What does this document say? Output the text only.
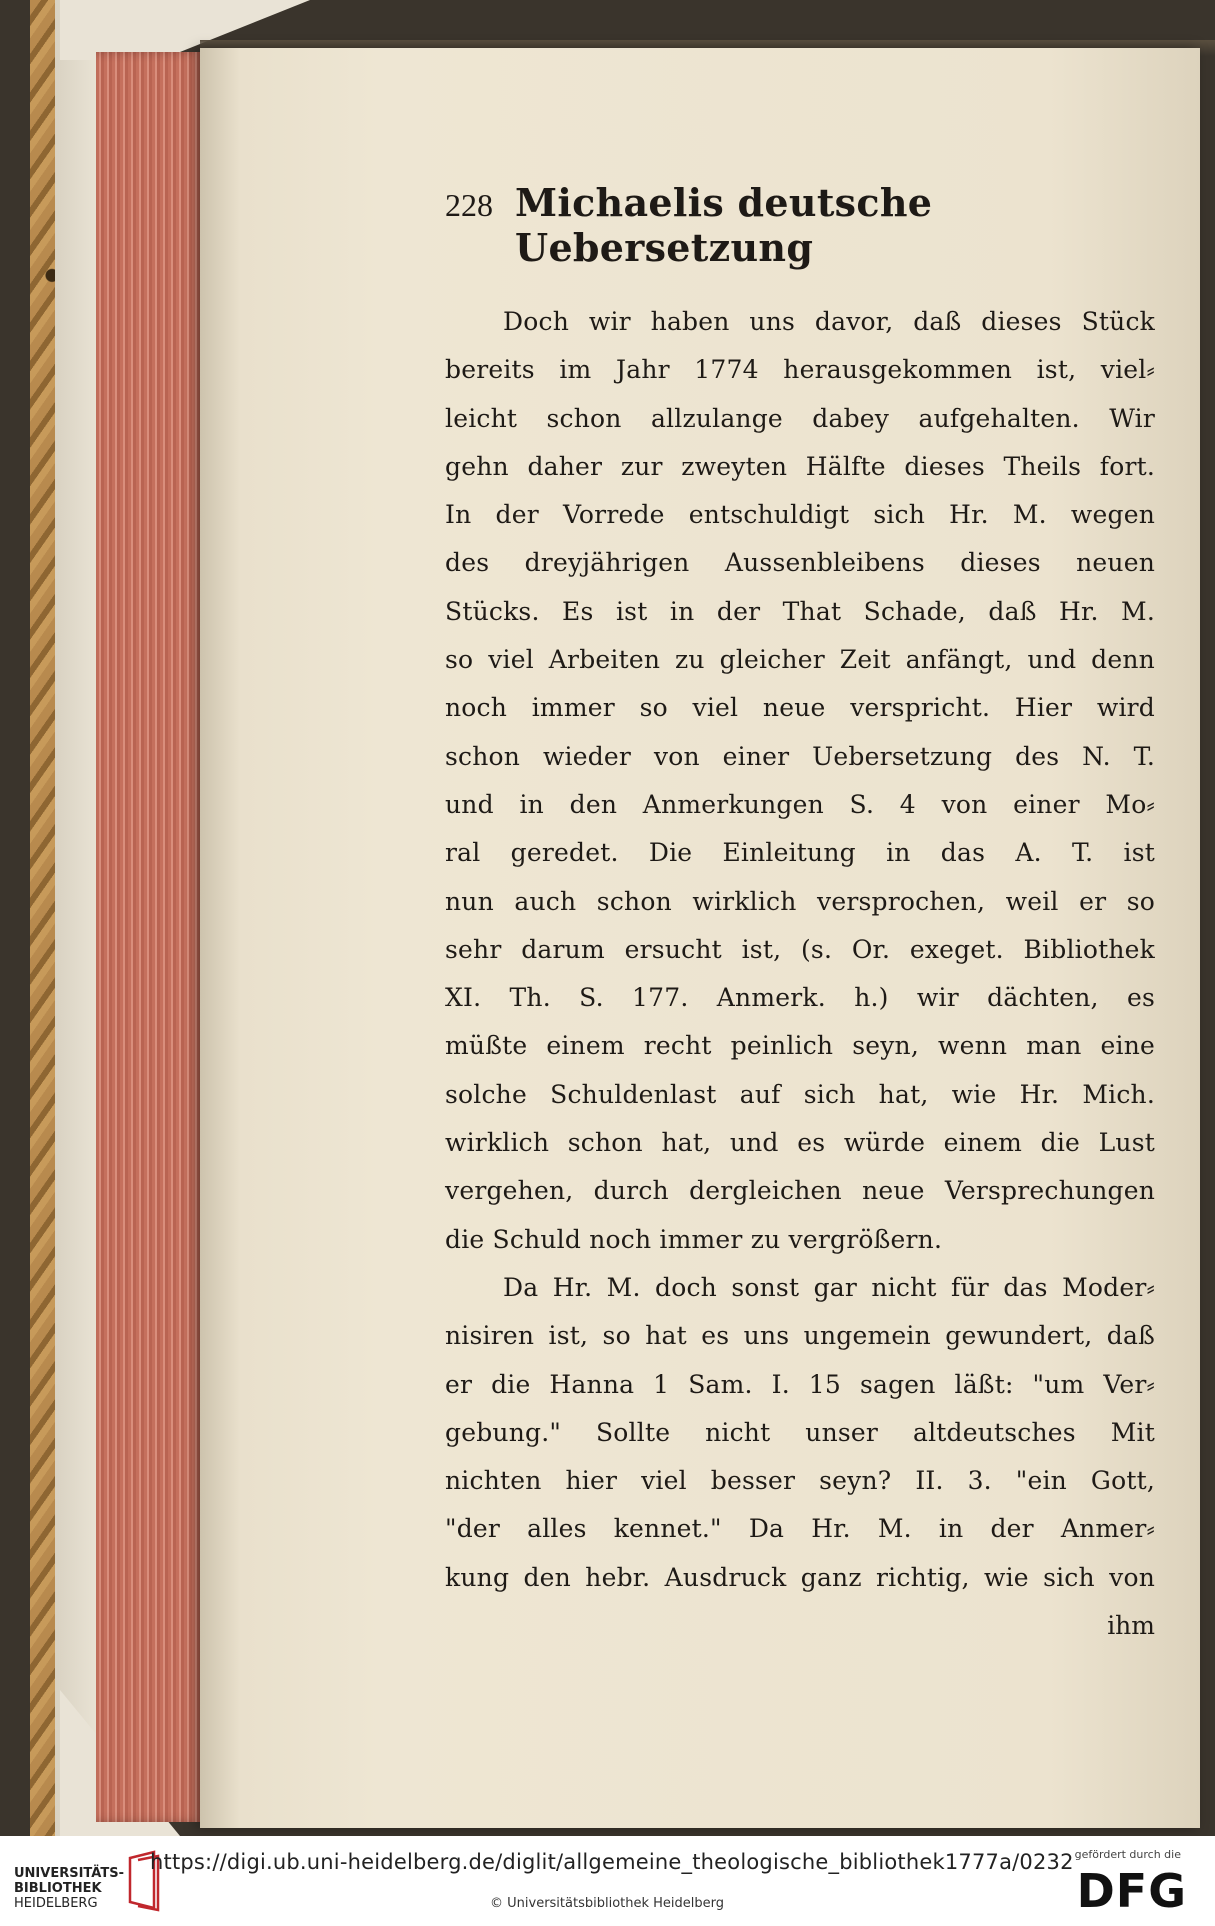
228 Michaelis deutsche Uebersetzung
Doch wir haben uns davor, daß dieses Stück
bereits im Jahr 1774 herausgekommen ist, viel⸗
leicht schon allzulange dabey aufgehalten. Wir
gehn daher zur zweyten Hälfte dieses Theils fort.
In der Vorrede entschuldigt sich Hr. M. wegen
des dreyjährigen Aussenbleibens dieses neuen
Stücks. Es ist in der That Schade, daß Hr. M.
so viel Arbeiten zu gleicher Zeit anfängt, und denn
noch immer so viel neue verspricht. Hier wird
schon wieder von einer Uebersetzung des N. T.
und in den Anmerkungen S. 4 von einer Mo⸗
ral geredet. Die Einleitung in das A. T. ist
nun auch schon wirklich versprochen, weil er so
sehr darum ersucht ist, (s. Or. exeget. Bibliothek
XI. Th. S. 177. Anmerk. h.) wir dächten, es
müßte einem recht peinlich seyn, wenn man eine
solche Schuldenlast auf sich hat, wie Hr. Mich.
wirklich schon hat, und es würde einem die Lust
vergehen, durch dergleichen neue Versprechungen
die Schuld noch immer zu vergrößern.
Da Hr. M. doch sonst gar nicht für das Moder⸗
nisiren ist, so hat es uns ungemein gewundert, daß
er die Hanna 1 Sam. I. 15 sagen läßt: "um Ver⸗
gebung." Sollte nicht unser altdeutsches Mit
nichten hier viel besser seyn? II. 3. "ein Gott,
"der alles kennet." Da Hr. M. in der Anmer⸗
kung den hebr. Ausdruck ganz richtig, wie sich von
ihm
UNIVERSITÄTS-
BIBLIOTHEK
HEIDELBERG
https://digi.ub.uni-heidelberg.de/diglit/allgemeine_theologische_bibliothek1777a/0232
© Universitätsbibliothek Heidelberg
gefördert durch die
DFG
